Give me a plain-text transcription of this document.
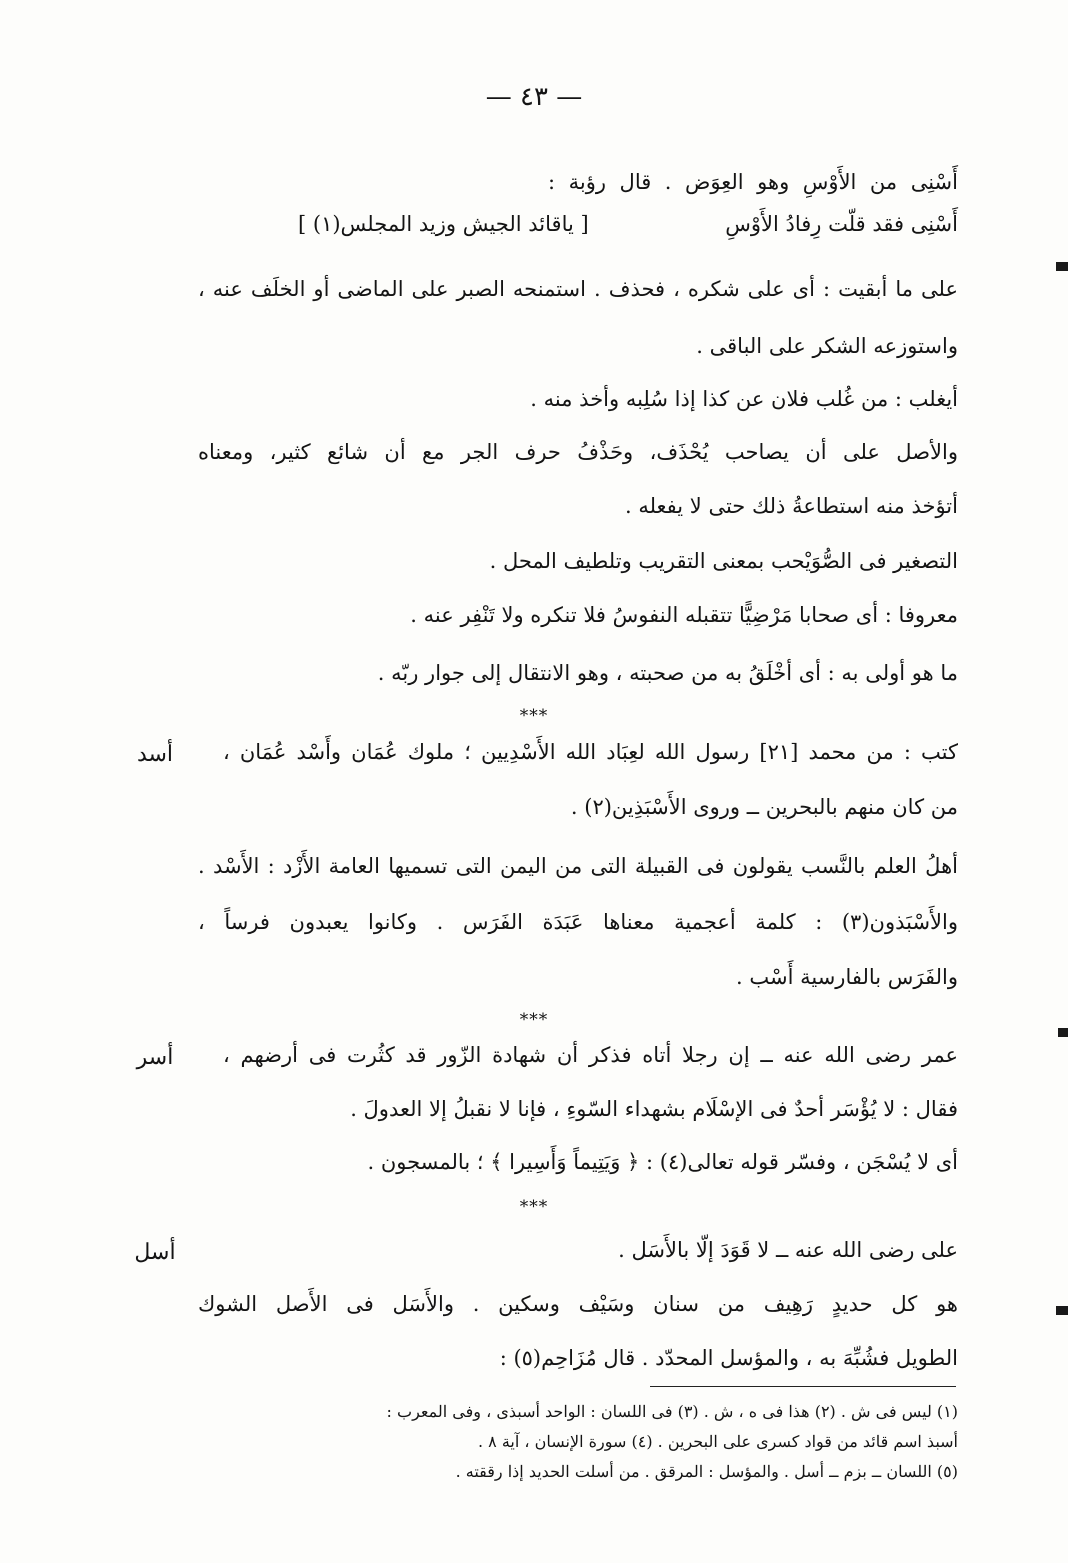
— ٤٣ —
أَسْنِى من الأَوْسِ وهو العِوَض . قال رؤبة :
أَسْنِى فقد قلّت رِفادُ الأَوْسِ
[ ياقائد الجيش وزيد المجلس(١) ]
على ما أبقيت : أى على شكره ، فحذف . استمنحه الصبر على الماضى أو الخلَف عنه ،
واستوزعه الشكر على الباقى .
أيغلب : من غُلب فلان عن كذا إذا سُلِبه وأخذ منه .
والأصل على أن يصاحب يُحْذَف، وحَذْفُ حرف الجر مع أن شائع كثير، ومعناه
أتؤخذ منه استطاعةُ ذلك حتى لا يفعله .
التصغير فى الصُّوَيْحب بمعنى التقريب وتلطيف المحل .
معروفا : أى صحابا مَرْضِيًّا تتقبله النفوسُ فلا تنكره ولا تَنْفِر عنه .
ما هو أولى به : أى أخْلَقُ به من صحبته ، وهو الانتقال إلى جوار ربّه .
***
أسد	كتب : من محمد [٢١] رسول الله لعِبَاد الله الأَسْدِيين ؛ ملوك عُمَان وأَسْد عُمَان ،
من كان منهم بالبحرين ــ وروى الأَسْبَذِين(٢) .
أهلُ العلم بالنَّسب يقولون فى القبيلة التى من اليمن التى تسميها العامة الأَزْد : الأَسْد .
والأَسْبَذون(٣) : كلمة أعجمية معناها عَبَدَة الفَرَس . وكانوا يعبدون فرساً ،
والفَرَس بالفارسية أَسْب .
***
أسر	عمر رضى الله عنه ــ إن رجلا أتاه فذكر أن شهادة الزّور قد كثُرت فى أرضهم ،
فقال : لا يُؤْسَر أحدٌ فى الإسْلَام بشهداء السّوءِ ، فإنا لا نقبلُ إلا العدولَ .
أى لا يُسْجَن ، وفسّر قوله تعالى(٤) : ﴿ وَيَتِيماً وَأَسِيرا ﴾ ؛ بالمسجون .
***
أسل	على رضى الله عنه ــ لا قَوَدَ إلّا بالأَسَل .
هو كل حديدٍ رَهِيف من سنان وسَيْف وسكين . والأَسَل فى الأَصل الشوك
الطويل فشُبِّهَ به ، والمؤسل المحدّد . قال مُزَاحِم(٥) :
(١) ليس فى ش . (٢) هذا فى ه ، ش . (٣) فى اللسان : الواحد أسبذى ، وفى المعرب :
أسبذ اسم قائد من قواد كسرى على البحرين . (٤) سورة الإنسان ، آية ٨ .
(٥) اللسان ــ بزم ــ أسل . والمؤسل : المرقق . من أسلت الحديد إذا رققته .
